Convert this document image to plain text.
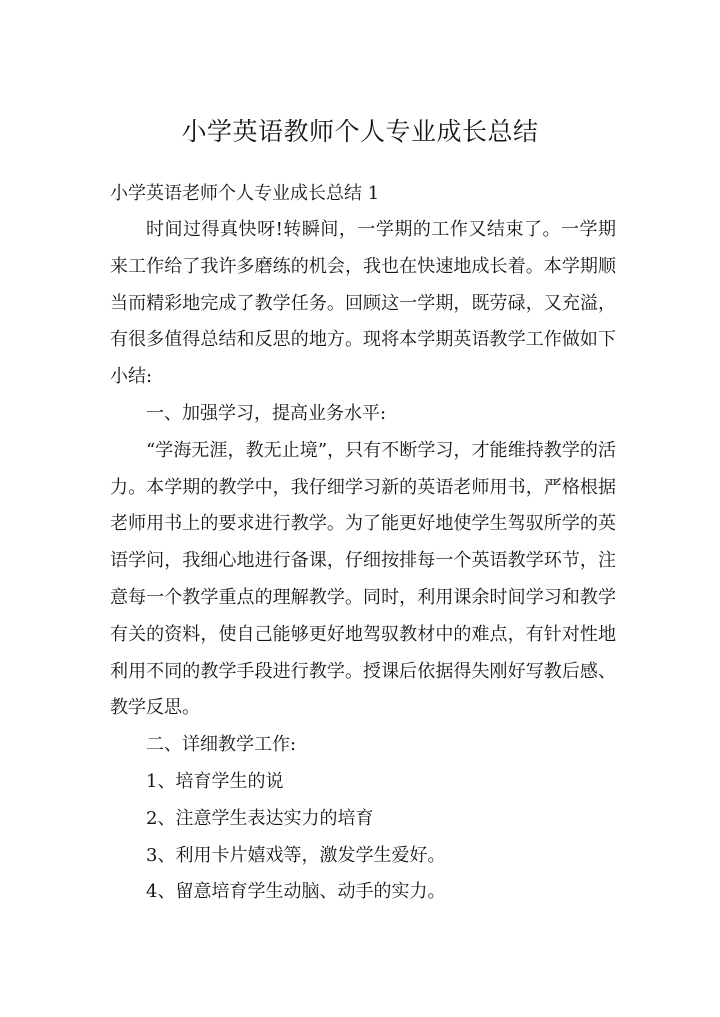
小学英语教师个人专业成长总结

小学英语老师个人专业成长总结 1

时间过得真快呀!转瞬间，一学期的工作又结束了。一学期来工作给了我许多磨练的机会，我也在快速地成长着。本学期顺当而精彩地完成了教学任务。回顾这一学期，既劳碌，又充溢，有很多值得总结和反思的地方。现将本学期英语教学工作做如下小结:

一、加强学习，提高业务水平:

“学海无涯，教无止境”，只有不断学习，才能维持教学的活力。本学期的教学中，我仔细学习新的英语老师用书，严格根据老师用书上的要求进行教学。为了能更好地使学生驾驭所学的英语学问，我细心地进行备课，仔细按排每一个英语教学环节，注意每一个教学重点的理解教学。同时，利用课余时间学习和教学有关的资料，使自己能够更好地驾驭教材中的难点，有针对性地利用不同的教学手段进行教学。授课后依据得失刚好写教后感、教学反思。

二、详细教学工作:

1、培育学生的说

2、注意学生表达实力的培育

3、利用卡片嬉戏等，激发学生爱好。

4、留意培育学生动脑、动手的实力。
